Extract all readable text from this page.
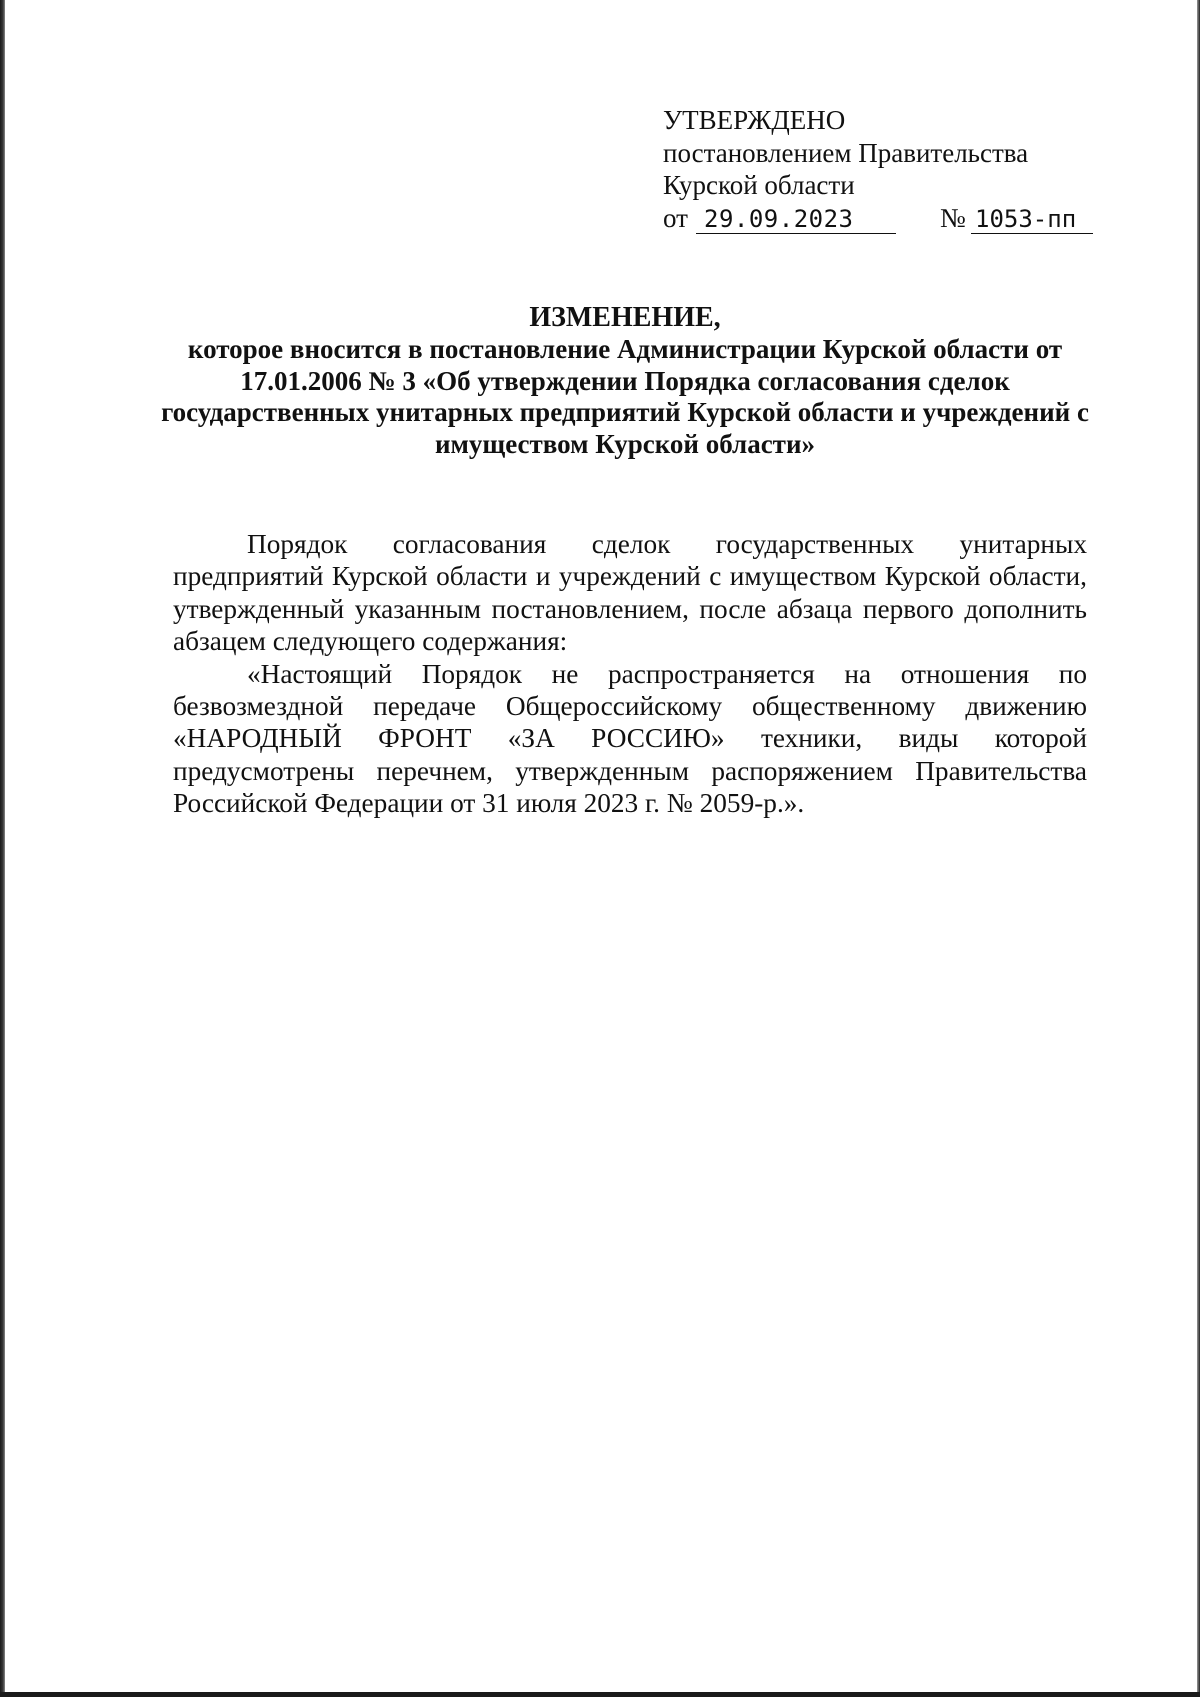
УТВЕРЖДЕНО
постановлением Правительства
Курской области
от 29.09.2023	№ 1053-пп
ИЗМЕНЕНИЕ,
которое вносится в постановление Администрации Курской области от 17.01.2006 № 3 «Об утверждении Порядка согласования сделок государственных унитарных предприятий Курской области и учреждений с имуществом Курской области»

Порядок согласования сделок государственных унитарных предприятий Курской области и учреждений с имуществом Курской области, утвержденный указанным постановлением, после абзаца первого дополнить абзацем следующего содержания:

«Настоящий Порядок не распространяется на отношения по безвозмездной передаче Общероссийскому общественному движению «НАРОДНЫЙ ФРОНТ «ЗА РОССИЮ» техники, виды которой предусмотрены перечнем, утвержденным распоряжением Правительства Российской Федерации от 31 июля 2023 г. № 2059-р.».
